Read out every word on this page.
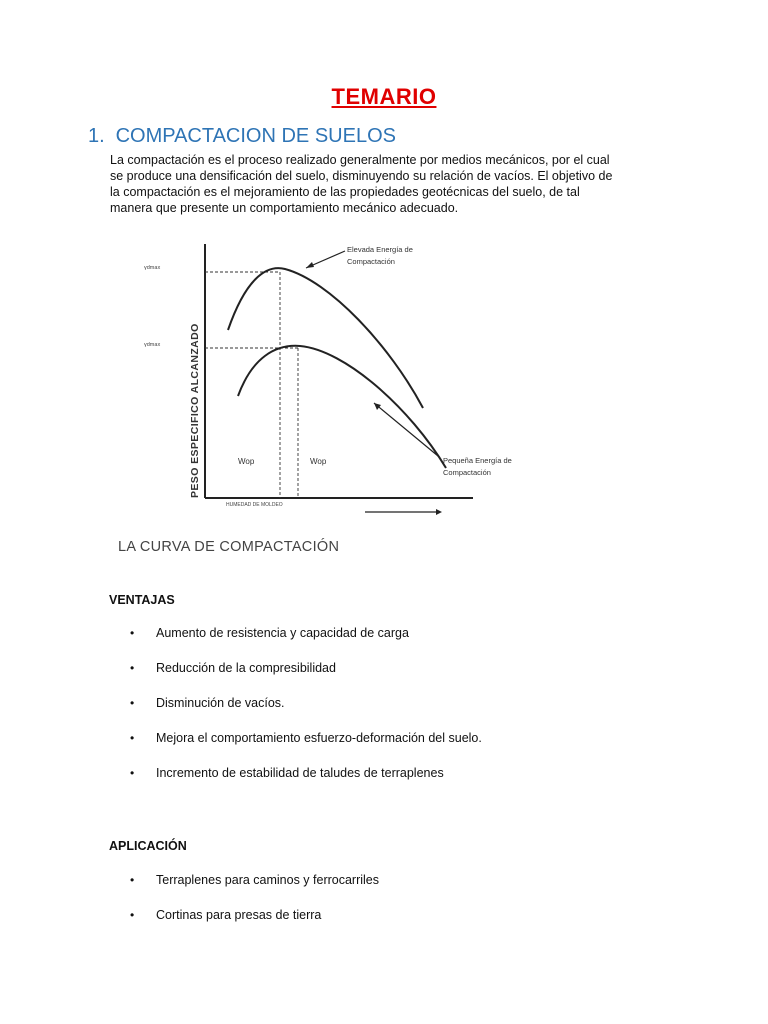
TEMARIO
1. COMPACTACION DE SUELOS
La compactación es el proceso realizado generalmente por medios mecánicos, por el cual
se produce una densificación del suelo, disminuyendo su relación de vacíos. El objetivo de
la compactación es el mejoramiento de las propiedades geotécnicas del suelo, de tal
manera que presente un comportamiento mecánico adecuado.
PESO ESPECIFICO ALCANZADO
HUMEDAD DE MOLDEO
γdmax
γdmax
Elevada Energía de
Compactación
Pequeña Energía de
Compactación
Wop	Wop
LA CURVA DE COMPACTACIÓN
VENTAJAS
• Aumento de resistencia y capacidad de carga
• Reducción de la compresibilidad
• Disminución de vacíos.
• Mejora el comportamiento esfuerzo-deformación del suelo.
• Incremento de estabilidad de taludes de terraplenes
APLICACIÓN
• Terraplenes para caminos y ferrocarriles
• Cortinas para presas de tierra
